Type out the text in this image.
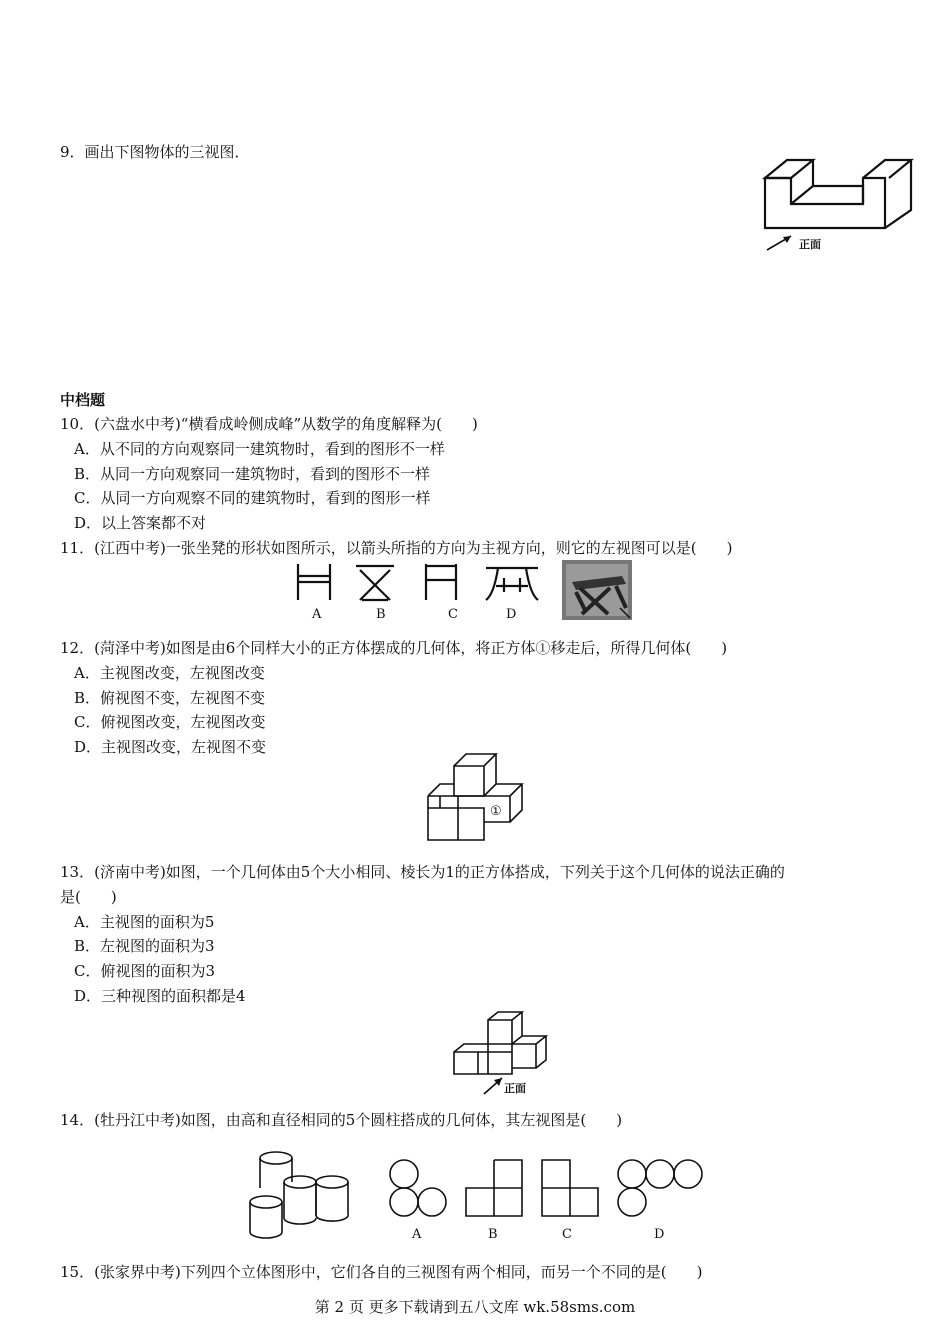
9．画出下图物体的三视图．
正面
中档题
10．(六盘水中考)“横看成岭侧成峰”从数学的角度解释为(　　)
A．从不同的方向观察同一建筑物时，看到的图形不一样
B．从同一方向观察同一建筑物时，看到的图形不一样
C．从同一方向观察不同的建筑物时，看到的图形一样
D．以上答案都不对
11．(江西中考)一张坐凳的形状如图所示，以箭头所指的方向为主视方向，则它的左视图可以是(　　)
A	B	C	D
12．(菏泽中考)如图是由6个同样大小的正方体摆成的几何体，将正方体①移走后，所得几何体(　　)
A．主视图改变，左视图改变
B．俯视图不变，左视图不变
C．俯视图改变，左视图改变
D．主视图改变，左视图不变
①
13．(济南中考)如图，一个几何体由5个大小相同、棱长为1的正方体搭成，下列关于这个几何体的说法正确的
是(　　)
A．主视图的面积为5
B．左视图的面积为3
C．俯视图的面积为3
D．三种视图的面积都是4
正面
14．(牡丹江中考)如图，由高和直径相同的5个圆柱搭成的几何体，其左视图是(　　)
A	B	C	D
15．(张家界中考)下列四个立体图形中，它们各自的三视图有两个相同，而另一个不同的是(　　)
第 2 页 更多下载请到五八文库 wk.58sms.com
